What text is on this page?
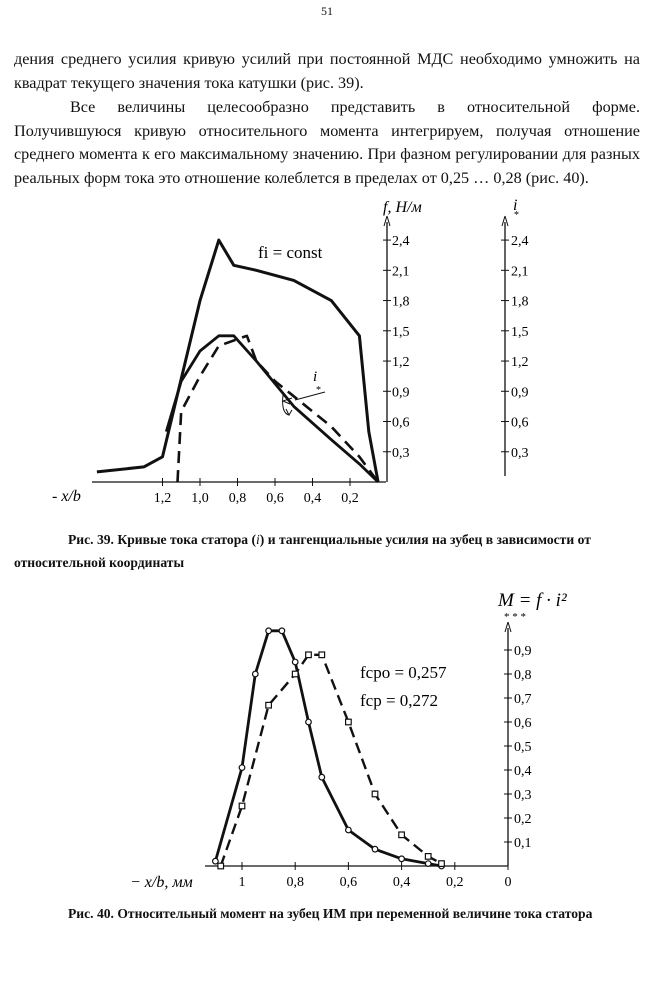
51

дения среднего усилия кривую усилий при постоянной МДС необходимо умножить на квадрат текущего значения тока катушки (рис. 39).

Все величины целесообразно представить в относительной форме. Получившуюся кривую относительного момента интегрируем, получая отношение среднего момента к его максимальному значению. При фазном регулировании для разных реальных форм тока это отношение колеблется в пределах от 0,25 … 0,28 (рис. 40).

2,4
2,1
1,8
1,5
1,2
0,9
0,6
0,3
2,4
2,1
1,8
1,5
1,2
0,9
0,6
0,3
1,2 1,0 0,8 0,6 0,4 0,2
f, Н/м	i
*
fi = const
i
*
- x/b
Рис. 39. Кривые тока статора (i) и тангенциальные усилия на зубец в зависимости от относительной координаты
0,9
0,8
0,7
0,6
0,5
0,4
0,3
0,2
0,1
1	0,8	0,6	0,4	0,2	0
M = f · i²
* * *
fсро = 0,257
fср = 0,272
− x/b, мм
Рис. 40. Относительный момент на зубец ИМ при переменной величине тока статора
